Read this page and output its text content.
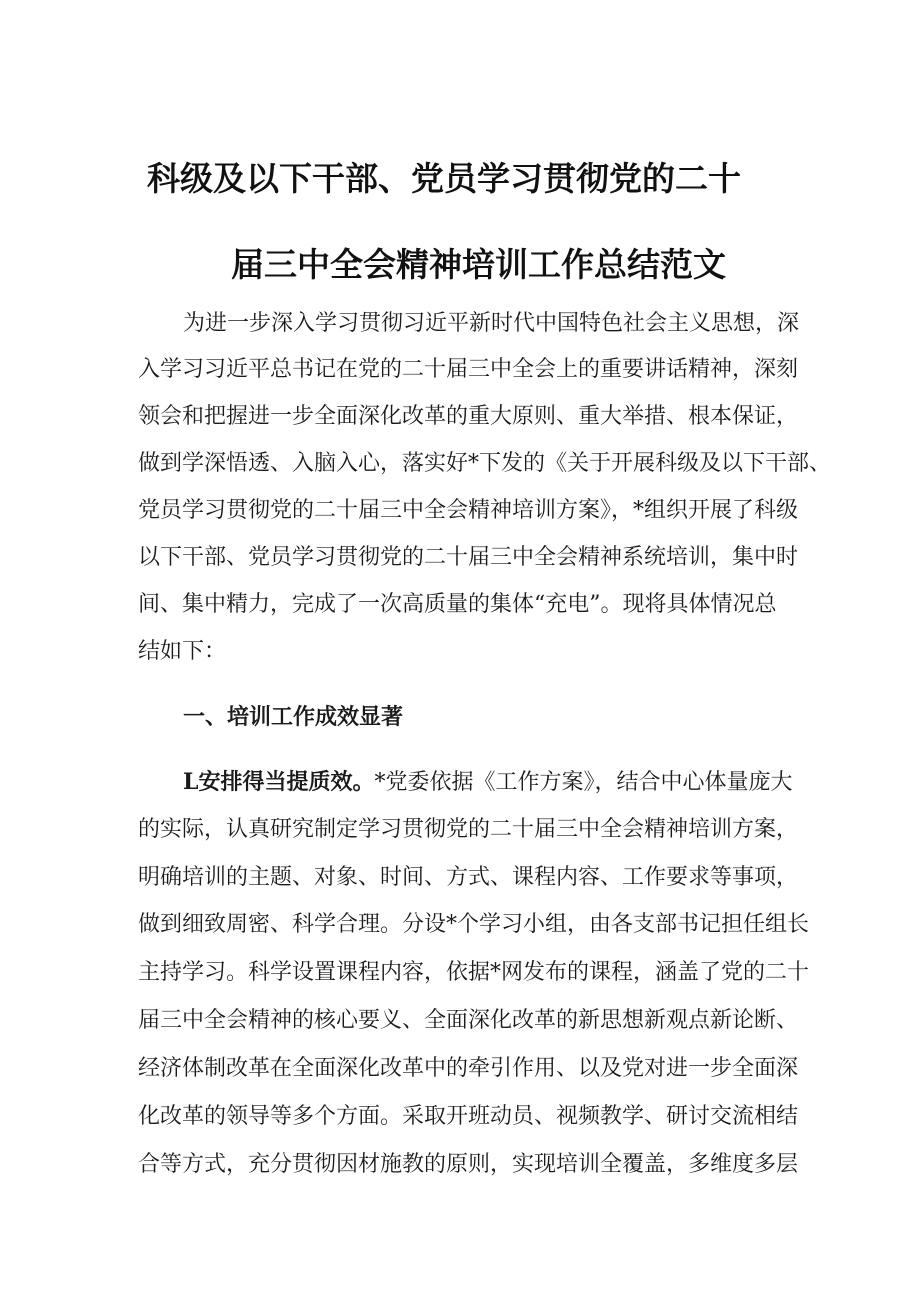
科级及以下干部、党员学习贯彻党的二十
届三中全会精神培训工作总结范文
为进一步深入学习贯彻习近平新时代中国特色社会主义思想，深
入学习习近平总书记在党的二十届三中全会上的重要讲话精神，深刻
领会和把握进一步全面深化改革的重大原则、重大举措、根本保证，
做到学深悟透、入脑入心，落实好*下发的《关于开展科级及以下干部、
党员学习贯彻党的二十届三中全会精神培训方案》，*组织开展了科级
以下干部、党员学习贯彻党的二十届三中全会精神系统培训，集中时
间、集中精力，完成了一次高质量的集体“充电”。现将具体情况总
结如下：
一、培训工作成效显著
L安排得当提质效。*党委依据《工作方案》，结合中心体量庞大
的实际，认真研究制定学习贯彻党的二十届三中全会精神培训方案，
明确培训的主题、对象、时间、方式、课程内容、工作要求等事项，
做到细致周密、科学合理。分设*个学习小组，由各支部书记担任组长
主持学习。科学设置课程内容，依据*网发布的课程，涵盖了党的二十
届三中全会精神的核心要义、全面深化改革的新思想新观点新论断、
经济体制改革在全面深化改革中的牵引作用、以及党对进一步全面深
化改革的领导等多个方面。采取开班动员、视频教学、研讨交流相结
合等方式，充分贯彻因材施教的原则，实现培训全覆盖，多维度多层
